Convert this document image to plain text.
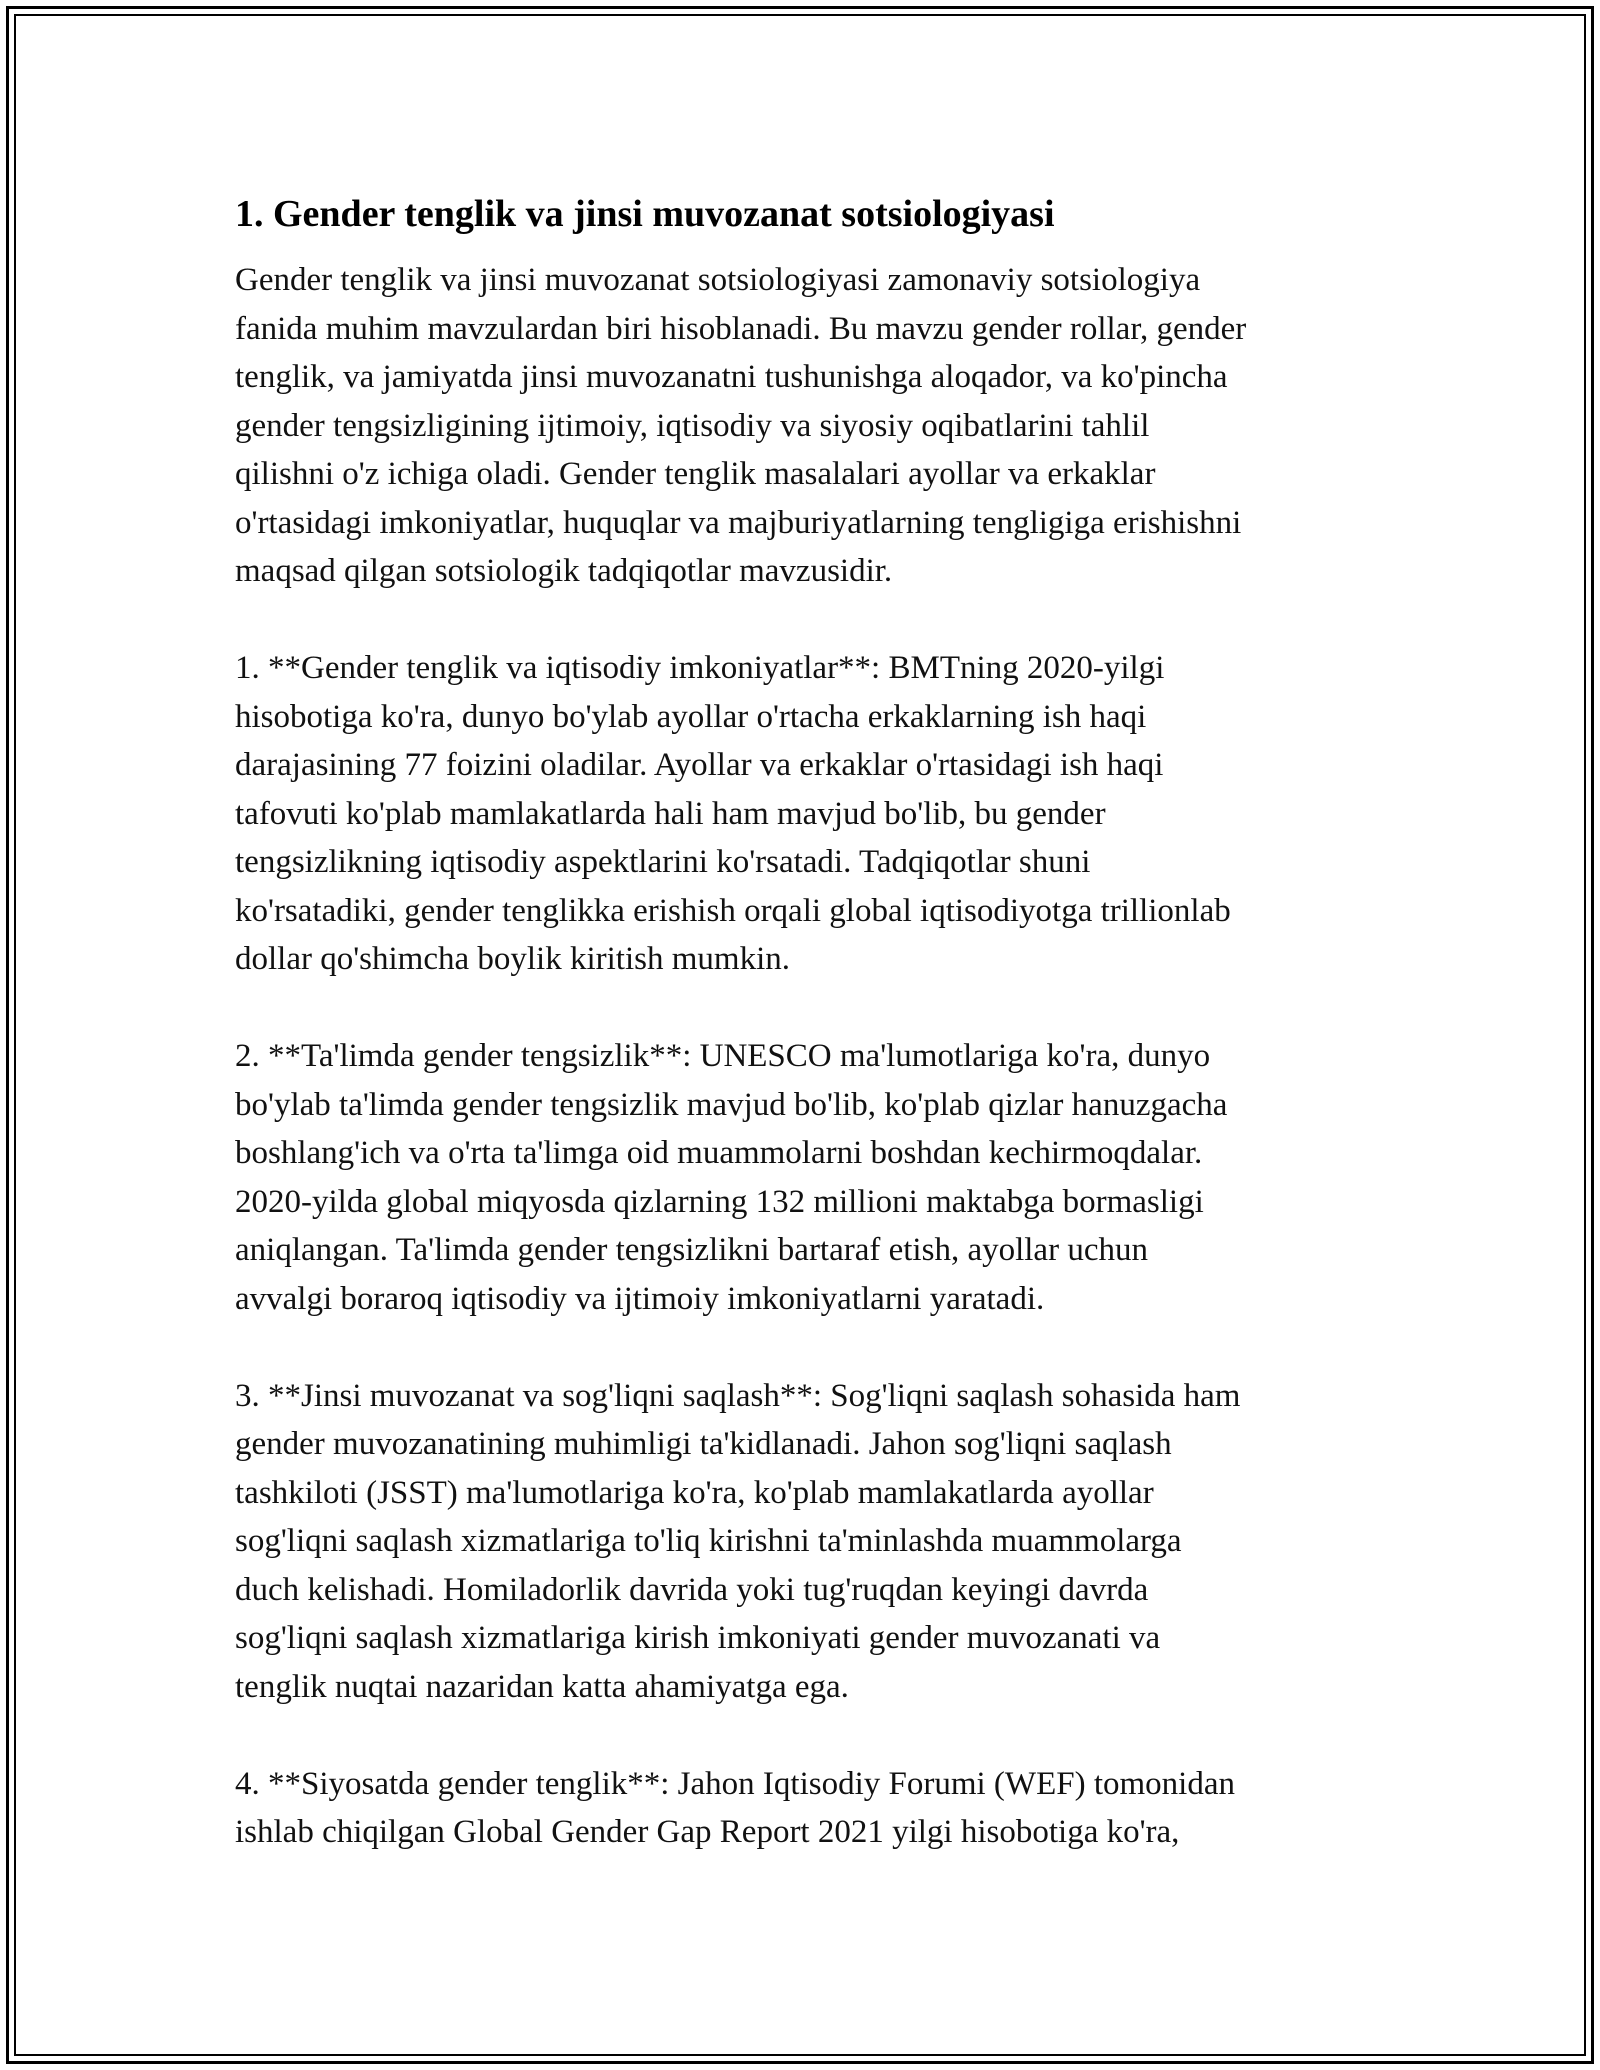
1. Gender tenglik va jinsi muvozanat sotsiologiyasi

Gender tenglik va jinsi muvozanat sotsiologiyasi zamonaviy sotsiologiya
fanida muhim mavzulardan biri hisoblanadi. Bu mavzu gender rollar, gender
tenglik, va jamiyatda jinsi muvozanatni tushunishga aloqador, va ko'pincha
gender tengsizligining ijtimoiy, iqtisodiy va siyosiy oqibatlarini tahlil
qilishni o'z ichiga oladi. Gender tenglik masalalari ayollar va erkaklar
o'rtasidagi imkoniyatlar, huquqlar va majburiyatlarning tengligiga erishishni
maqsad qilgan sotsiologik tadqiqotlar mavzusidir.

1. **Gender tenglik va iqtisodiy imkoniyatlar**: BMTning 2020-yilgi
hisobotiga ko'ra, dunyo bo'ylab ayollar o'rtacha erkaklarning ish haqi
darajasining 77 foizini oladilar. Ayollar va erkaklar o'rtasidagi ish haqi
tafovuti ko'plab mamlakatlarda hali ham mavjud bo'lib, bu gender
tengsizlikning iqtisodiy aspektlarini ko'rsatadi. Tadqiqotlar shuni
ko'rsatadiki, gender tenglikka erishish orqali global iqtisodiyotga trillionlab
dollar qo'shimcha boylik kiritish mumkin.

2. **Ta'limda gender tengsizlik**: UNESCO ma'lumotlariga ko'ra, dunyo
bo'ylab ta'limda gender tengsizlik mavjud bo'lib, ko'plab qizlar hanuzgacha
boshlang'ich va o'rta ta'limga oid muammolarni boshdan kechirmoqdalar.
2020-yilda global miqyosda qizlarning 132 millioni maktabga bormasligi
aniqlangan. Ta'limda gender tengsizlikni bartaraf etish, ayollar uchun
avvalgi boraroq iqtisodiy va ijtimoiy imkoniyatlarni yaratadi.

3. **Jinsi muvozanat va sog'liqni saqlash**: Sog'liqni saqlash sohasida ham
gender muvozanatining muhimligi ta'kidlanadi. Jahon sog'liqni saqlash
tashkiloti (JSST) ma'lumotlariga ko'ra, ko'plab mamlakatlarda ayollar
sog'liqni saqlash xizmatlariga to'liq kirishni ta'minlashda muammolarga
duch kelishadi. Homiladorlik davrida yoki tug'ruqdan keyingi davrda
sog'liqni saqlash xizmatlariga kirish imkoniyati gender muvozanati va
tenglik nuqtai nazaridan katta ahamiyatga ega.

4. **Siyosatda gender tenglik**: Jahon Iqtisodiy Forumi (WEF) tomonidan
ishlab chiqilgan Global Gender Gap Report 2021 yilgi hisobotiga ko'ra,
